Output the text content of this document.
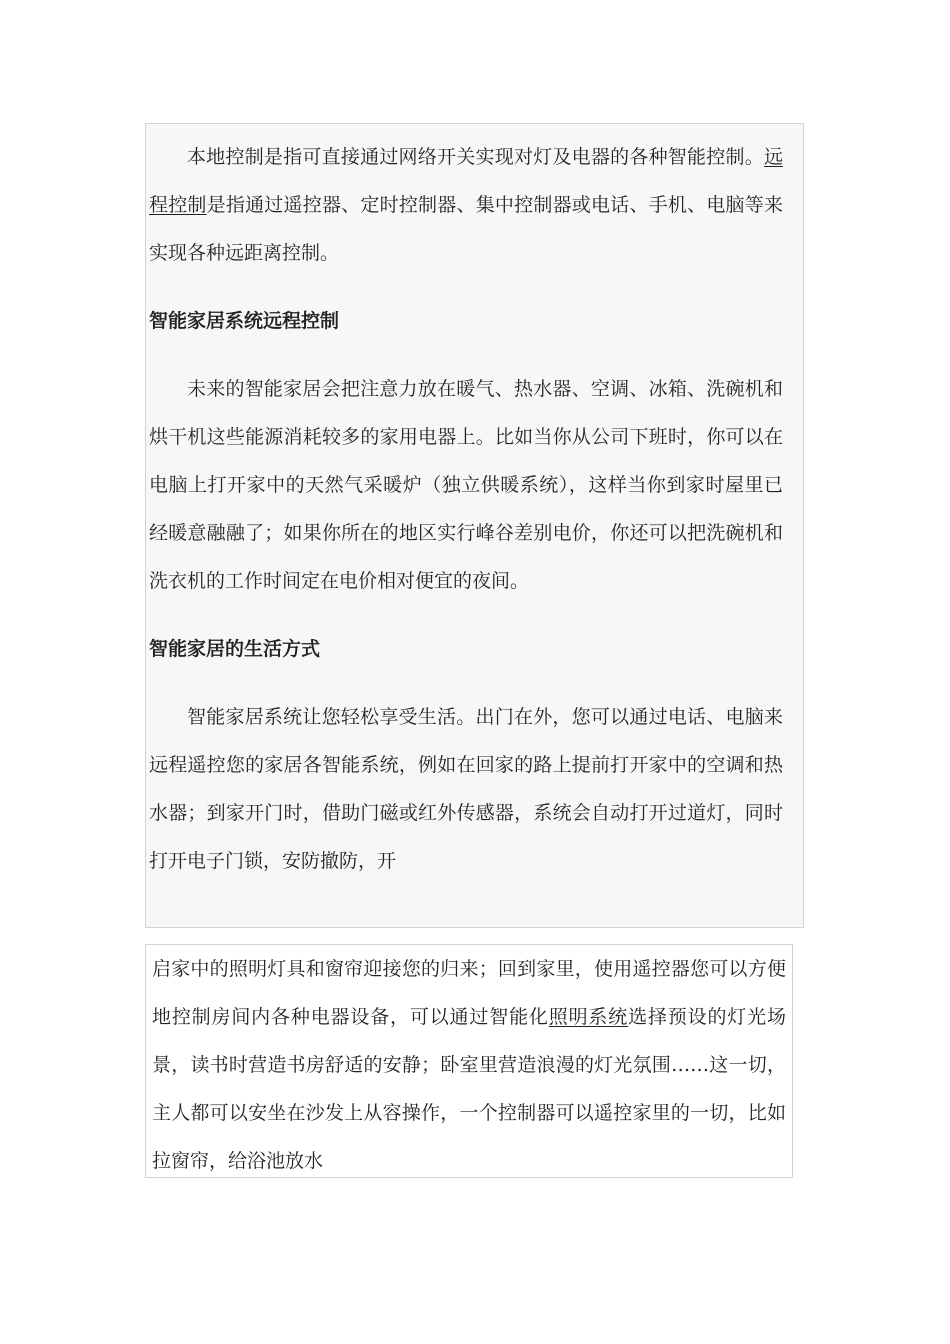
本地控制是指可直接通过网络开关实现对灯及电器的各种智能控制。远程控制是指通过遥控器、定时控制器、集中控制器或电话、手机、电脑等来实现各种远距离控制。

智能家居系统远程控制

未来的智能家居会把注意力放在暖气、热水器、空调、冰箱、洗碗机和烘干机这些能源消耗较多的家用电器上。比如当你从公司下班时，你可以在电脑上打开家中的天然气采暖炉（独立供暖系统），这样当你到家时屋里已经暖意融融了；如果你所在的地区实行峰谷差别电价，你还可以把洗碗机和洗衣机的工作时间定在电价相对便宜的夜间。

智能家居的生活方式

智能家居系统让您轻松享受生活。出门在外，您可以通过电话、电脑来远程遥控您的家居各智能系统，例如在回家的路上提前打开家中的空调和热水器；到家开门时，借助门磁或红外传感器，系统会自动打开过道灯，同时打开电子门锁，安防撤防，开

启家中的照明灯具和窗帘迎接您的归来；回到家里，使用遥控器您可以方便地控制房间内各种电器设备，可以通过智能化照明系统选择预设的灯光场景，读书时营造书房舒适的安静；卧室里营造浪漫的灯光氛围……这一切，主人都可以安坐在沙发上从容操作，一个控制器可以遥控家里的一切，比如拉窗帘，给浴池放水
